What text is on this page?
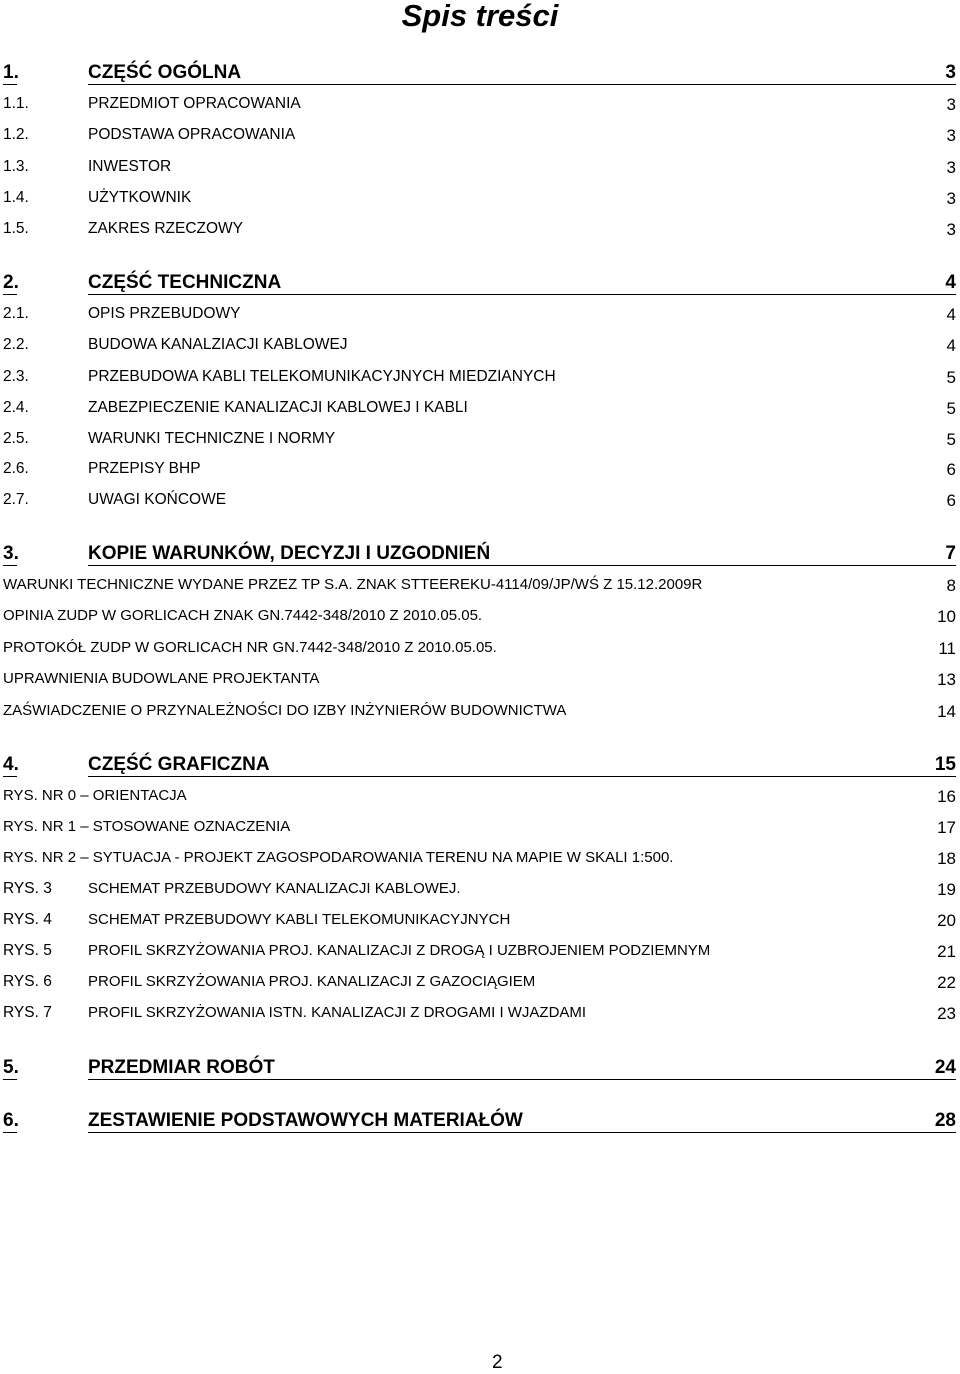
Spis treści
1.	CZĘŚĆ OGÓLNA	3
1.1.	PRZEDMIOT OPRACOWANIA	3
1.2.	PODSTAWA OPRACOWANIA	3
1.3.	INWESTOR	3
1.4.	UŻYTKOWNIK	3
1.5.	ZAKRES RZECZOWY	3
2.	CZĘŚĆ TECHNICZNA	4
2.1.	OPIS PRZEBUDOWY	4
2.2.	BUDOWA KANALZIACJI KABLOWEJ	4
2.3.	PRZEBUDOWA KABLI TELEKOMUNIKACYJNYCH MIEDZIANYCH	5
2.4.	ZABEZPIECZENIE KANALIZACJI KABLOWEJ I KABLI	5
2.5.	WARUNKI TECHNICZNE I NORMY	5
2.6.	PRZEPISY BHP	6
2.7.	UWAGI KOŃCOWE	6
3.	KOPIE WARUNKÓW, DECYZJI I UZGODNIEŃ	7
WARUNKI TECHNICZNE WYDANE PRZEZ TP S.A. ZNAK STTEEREKU-4114/09/JP/WŚ Z 15.12.2009R	8
OPINIA ZUDP W GORLICACH ZNAK GN.7442-348/2010 Z 2010.05.05.	10
PROTOKÓŁ ZUDP W GORLICACH NR GN.7442-348/2010 Z 2010.05.05.	11
UPRAWNIENIA BUDOWLANE PROJEKTANTA	13
ZAŚWIADCZENIE O PRZYNALEŻNOŚCI DO IZBY INŻYNIERÓW BUDOWNICTWA	14
4.	CZĘŚĆ GRAFICZNA	15
RYS. NR 0 – ORIENTACJA	16
RYS. NR 1 – STOSOWANE OZNACZENIA	17
RYS. NR 2 – SYTUACJA - PROJEKT ZAGOSPODAROWANIA TERENU NA MAPIE W SKALI 1:500.	18
RYS. 3 SCHEMAT PRZEBUDOWY KANALIZACJI KABLOWEJ.	19
RYS. 4 SCHEMAT PRZEBUDOWY KABLI TELEKOMUNIKACYJNYCH	20
RYS. 5 PROFIL SKRZYŻOWANIA PROJ. KANALIZACJI Z DROGĄ I UZBROJENIEM PODZIEMNYM	21
RYS. 6 PROFIL SKRZYŻOWANIA PROJ. KANALIZACJI Z GAZOCIĄGIEM	22
RYS. 7 PROFIL SKRZYŻOWANIA ISTN. KANALIZACJI Z DROGAMI I WJAZDAMI	23
5.	PRZEDMIAR ROBÓT	24
6.	ZESTAWIENIE PODSTAWOWYCH MATERIAŁÓW	28
2
